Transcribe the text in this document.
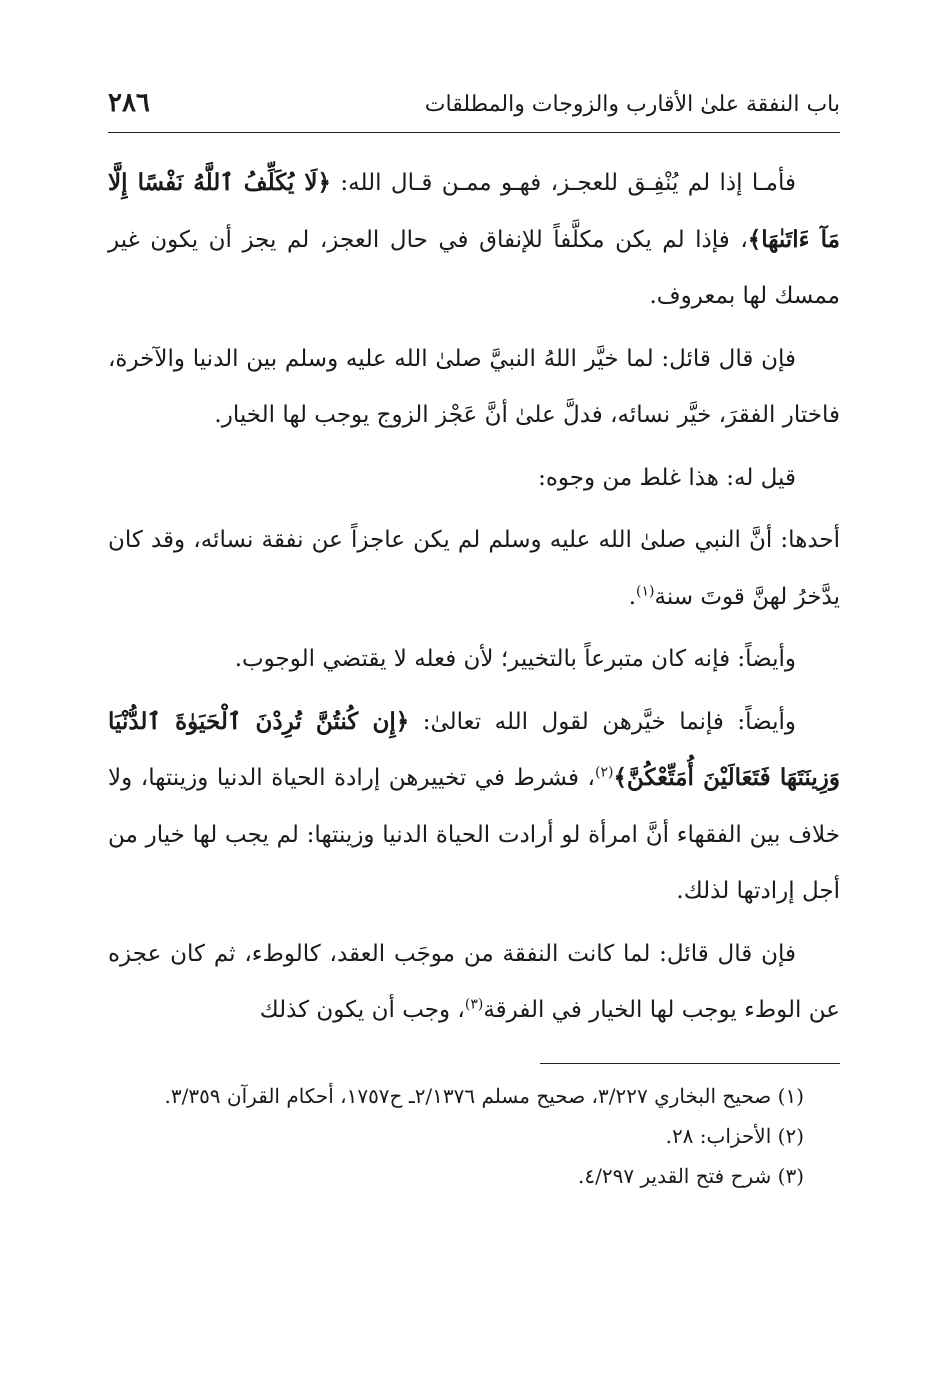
باب النفقة علىٰ الأقارب والزوجات والمطلقات
٢٨٦

فأمـا إذا لم يُنْفِـق للعجـز، فهـو ممـن قـال الله: ﴿لَا يُكَلِّفُ ٱللَّهُ نَفْسًا إِلَّا مَآ ءَاتَىٰهَا﴾، فإذا لم يكن مكلَّفاً للإنفاق في حال العجز، لم يجز أن يكون غير ممسك لها بمعروف.

فإن قال قائل: لما خيَّر اللهُ النبيَّ صلىٰ الله عليه وسلم بين الدنيا والآخرة، فاختار الفقرَ، خيَّر نسائه، فدلَّ علىٰ أنَّ عَجْز الزوج يوجب لها الخيار.

قيل له: هذا غلط من وجوه:

أحدها: أنَّ النبي صلىٰ الله عليه وسلم لم يكن عاجزاً عن نفقة نسائه، وقد كان يدَّخرُ لهنَّ قوتَ سنة$^{(١)}$.

وأيضاً: فإنه كان متبرعاً بالتخيير؛ لأن فعله لا يقتضي الوجوب.

وأيضاً: فإنما خيَّرهن لقول الله تعالىٰ: ﴿إِن كُنتُنَّ تُرِدْنَ ٱلْحَيَوٰةَ ٱلدُّنْيَا وَزِينَتَهَا فَتَعَالَيْنَ أُمَتِّعْكُنَّ﴾$^{(٢)}$، فشرط في تخييرهن إرادة الحياة الدنيا وزينتها، ولا خلاف بين الفقهاء أنَّ امرأة لو أرادت الحياة الدنيا وزينتها: لم يجب لها خيار من أجل إرادتها لذلك.

فإن قال قائل: لما كانت النفقة من موجَب العقد، كالوطء، ثم كان عجزه عن الوطء يوجب لها الخيار في الفرقة$^{(٣)}$، وجب أن يكون كذلك

(١) صحيح البخاري ٣/٢٢٧، صحيح مسلم ٢/١٣٧٦ـ ح١٧٥٧، أحكام القرآن ٣/٣٥٩.

(٢) الأحزاب: ٢٨.

(٣) شرح فتح القدير ٤/٢٩٧.
